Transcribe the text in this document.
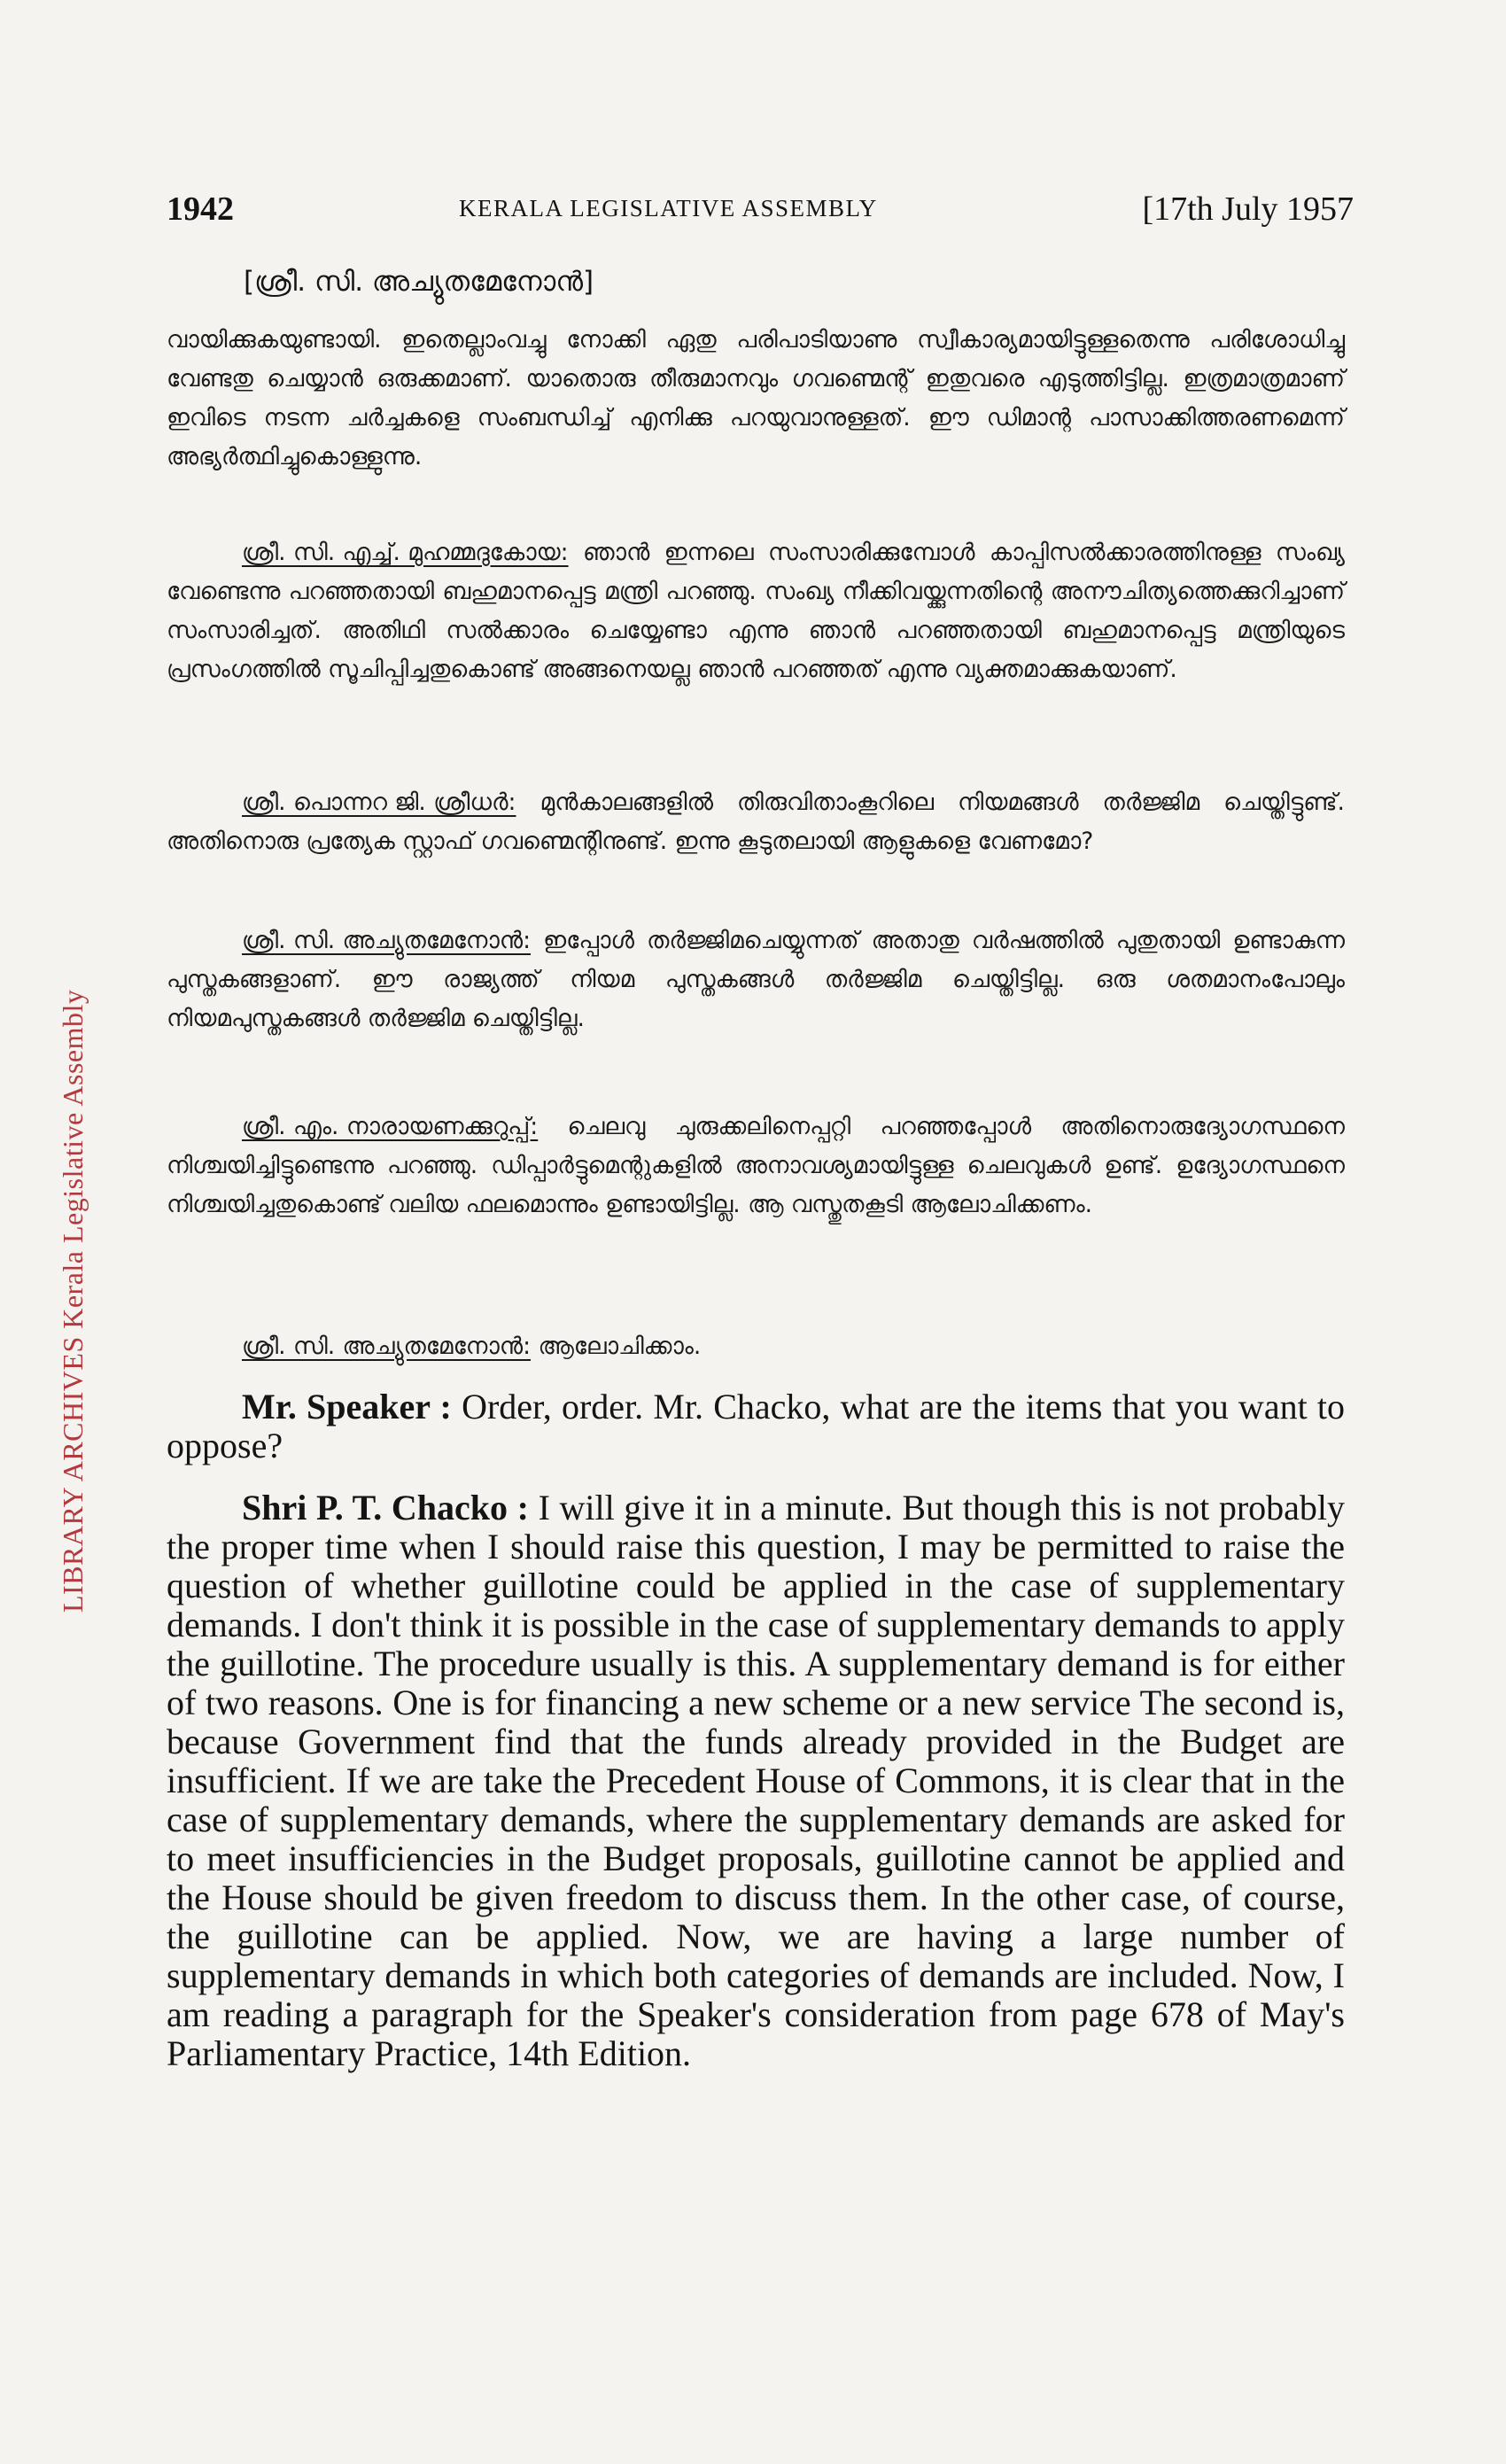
LIBRARY ARCHIVES Kerala Legislative Assembly
1942	KERALA LEGISLATIVE ASSEMBLY	[17th July 1957
[ശ്രീ. സി. അച്യുതമേനോൻ]
വായിക്കുകയുണ്ടായി. ഇതെല്ലാംവച്ചു നോക്കി ഏതു പരിപാടിയാണു സ്വീകാര്യമായിട്ടുള്ളതെന്നു പരിശോധിച്ചു വേണ്ടതു ചെയ്യാൻ ഒരുക്കമാണ്. യാതൊരു തീരുമാനവും ഗവണ്മെന്റ് ഇതുവരെ എടുത്തിട്ടില്ല. ഇത്രമാത്രമാണ് ഇവിടെ നടന്ന ചർച്ചകളെ സംബന്ധിച്ച് എനിക്കു പറയുവാനുള്ളത്. ഈ ഡിമാന്റ പാസാക്കിത്തരണമെന്ന് അഭ്യർത്ഥിച്ചുകൊള്ളുന്നു.
ശ്രീ. സി. എച്ച്. മുഹമ്മദുകോയ: ഞാൻ ഇന്നലെ സംസാരിക്കുമ്പോൾ കാപ്പിസൽക്കാരത്തിനുള്ള സംഖ്യ വേണ്ടെന്നു പറഞ്ഞതായി ബഹുമാനപ്പെട്ട മന്ത്രി പറഞ്ഞു. സംഖ്യ നീക്കിവയ്ക്കുന്നതിന്റെ അനൗചിത്യത്തെക്കുറിച്ചാണ് സംസാരിച്ചത്. അതിഥി സൽക്കാരം ചെയ്യേണ്ടാ എന്നു ഞാൻ പറഞ്ഞതായി ബഹുമാനപ്പെട്ട മന്ത്രിയുടെ പ്രസംഗത്തിൽ സൂചിപ്പിച്ചതുകൊണ്ട് അങ്ങനെയല്ല ഞാൻ പറഞ്ഞത് എന്നു വ്യക്തമാക്കുകയാണ്.
ശ്രീ. പൊന്നറ ജി. ശ്രീധർ: മുൻകാലങ്ങളിൽ തിരുവിതാംകൂറിലെ നിയമങ്ങൾ തർജ്ജിമ ചെയ്തിട്ടുണ്ട്. അതിനൊരു പ്രത്യേക സ്റ്റാഫ് ഗവണ്മെന്റിനുണ്ട്. ഇന്നു കൂടുതലായി ആളുകളെ വേണമോ?
ശ്രീ. സി. അച്യുതമേനോൻ: ഇപ്പോൾ തർജ്ജിമചെയ്യുന്നത് അതാതു വർഷത്തിൽ പുതുതായി ഉണ്ടാകുന്ന പുസ്തകങ്ങളാണ്. ഈ രാജ്യത്ത് നിയമ പുസ്തകങ്ങൾ തർജ്ജിമ ചെയ്തിട്ടില്ല. ഒരു ശതമാനംപോലും നിയമപുസ്തകങ്ങൾ തർജ്ജിമ ചെയ്തിട്ടില്ല.
ശ്രീ. എം. നാരായണക്കുറുപ്പ്: ചെലവു ചുരുക്കലിനെപ്പറ്റി പറഞ്ഞപ്പോൾ അതിനൊരുദ്യോഗസ്ഥനെ നിശ്ചയിച്ചിട്ടുണ്ടെന്നു പറഞ്ഞു. ഡിപ്പാർട്ടുമെന്റുകളിൽ അനാവശ്യമായിട്ടുള്ള ചെലവുകൾ ഉണ്ട്. ഉദ്യോഗസ്ഥനെ നിശ്ചയിച്ചതുകൊണ്ട് വലിയ ഫലമൊന്നും ഉണ്ടായിട്ടില്ല. ആ വസ്തുതകൂടി ആലോചിക്കണം.
ശ്രീ. സി. അച്യുതമേനോൻ: ആലോചിക്കാം.
Mr. Speaker : Order, order. Mr. Chacko, what are the items that you want to oppose?
Shri P. T. Chacko : I will give it in a minute. But though this is not probably the proper time when I should raise this question, I may be permitted to raise the question of whether guillotine could be applied in the case of supplementary demands. I don't think it is possible in the case of supplementary demands to apply the guillotine. The procedure usually is this. A supplementary demand is for either of two reasons. One is for financing a new scheme or a new service The second is, because Government find that the funds already provided in the Budget are insufficient. If we are take the Precedent House of Commons, it is clear that in the case of supplementary demands, where the supplementary demands are asked for to meet insufficiencies in the Budget proposals, guillotine cannot be applied and the House should be given freedom to discuss them. In the other case, of course, the guillotine can be applied. Now, we are having a large number of supplementary demands in which both categories of demands are included. Now, I am reading a paragraph for the Speaker's consideration from page 678 of May's Parliamentary Practice, 14th Edition.
